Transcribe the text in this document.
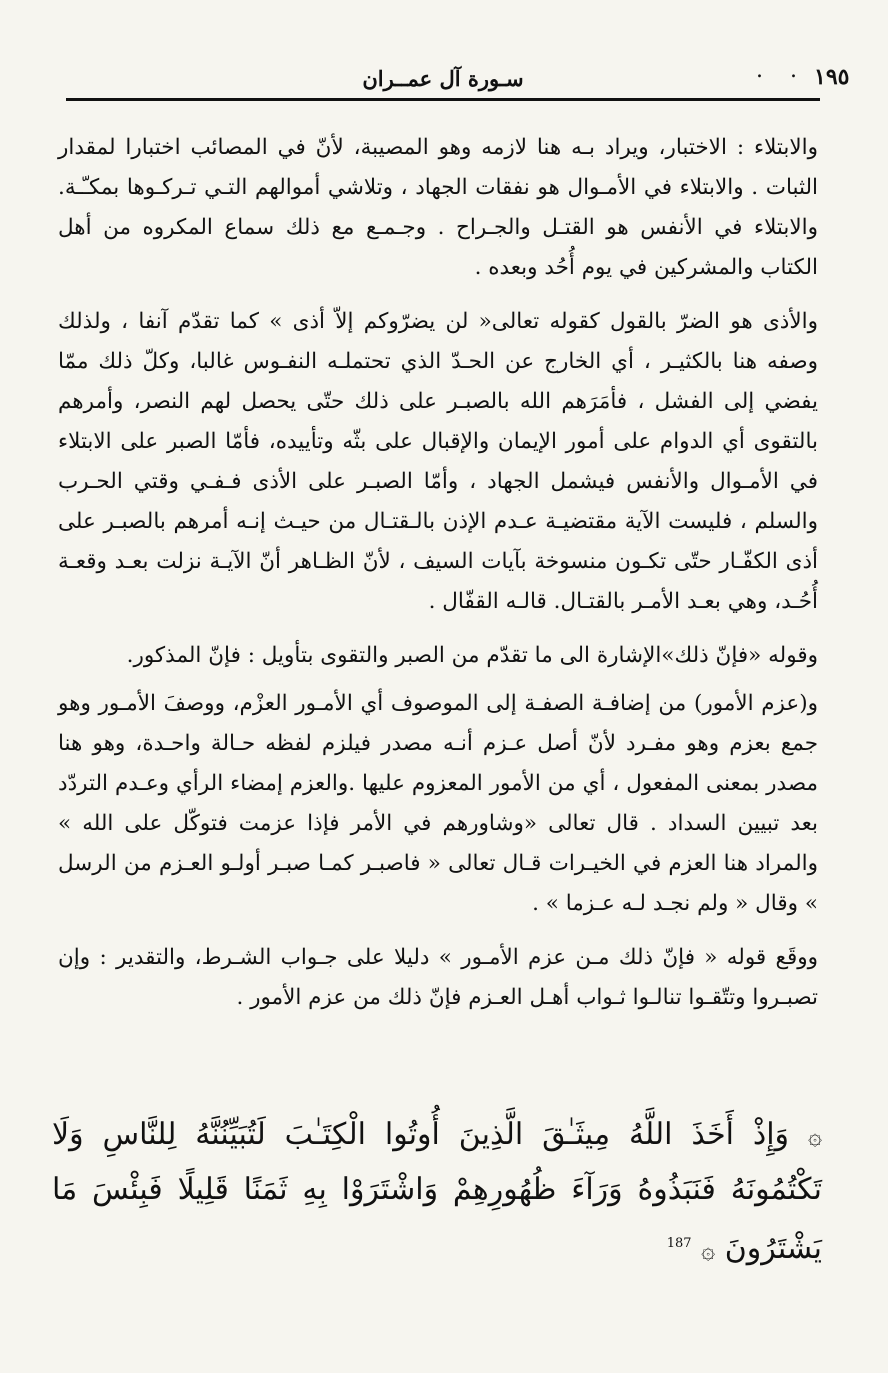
١٩٥
. .
سـورة آل عمــران

والابتلاء : الاختبار، ويراد بـه هنا لازمه وهو المصيبة، لأنّ في المصائب اختبارا لمقدار الثبات . والابتلاء في الأمـوال هو نفقات الجهاد ، وتلاشي أموالهم التـي تـركـوها بمكـّـة. والابتلاء في الأنفس هو القتـل والجـراح . وجـمـع مع ذلك سماع المكروه من أهل الكتاب والمشركين في يوم أُحُد وبعده .

والأذى هو الضرّ بالقول كقوله تعالى« لن يضرّوكم إلاّ أذى » كما تقدّم آنفا ، ولذلك وصفه هنا بالكثيـر ، أي الخارج عن الحـدّ الذي تحتملـه النفـوس غالبا، وكلّ ذلك ممّا يفضي إلى الفشل ، فأمَرَهم الله بالصبـر على ذلك حتّى يحصل لهم النصر، وأمرهم بالتقوى أي الدوام على أمور الإيمان والإقبال على بثّه وتأييده، فأمّا الصبر على الابتلاء في الأمـوال والأنفس فيشمل الجهاد ، وأمّا الصبـر على الأذى فـفـي وقتي الحـرب والسلم ، فليست الآية مقتضيـة عـدم الإذن بالـقتـال من حيـث إنـه أمرهم بالصبـر على أذى الكفّـار حتّى تكـون منسوخة بآيات السيف ، لأنّ الظـاهر أنّ الآيـة نزلت بعـد وقعـة أُحُـد، وهي بعـد الأمـر بالقتـال. قالـه القفّال .

وقوله «فإنّ ذلك»الإشارة الى ما تقدّم من الصبر والتقوى بتأويل : فإنّ المذكور.

و(عزم الأمور) من إضافـة الصفـة إلى الموصوف أي الأمـور العزْم، ووصفَ الأمـور وهو جمع بعزم وهو مفـرد لأنّ أصل عـزم أنـه مصدر فيلزم لفظه حـالة واحـدة، وهو هنا مصدر بمعنى المفعول ، أي من الأمور المعزوم عليها .والعزم إمضاء الرأي وعـدم التردّد بعد تبيين السداد . قال تعالى «وشاورهم في الأمر فإذا عزمت فتوكّل على الله » والمراد هنا العزم في الخيـرات قـال تعالى « فاصبـر كمـا صبـر أولـو العـزم من الرسل » وقال « ولم نجـد لـه عـزما » .

ووقَع قوله « فإنّ ذلك مـن عزم الأمـور » دليلا على جـواب الشـرط، والتقدير : وإن تصبـروا وتتّقـوا تنالـوا ثـواب أهـل العـزم فإنّ ذلك من عزم الأمور .

۞ وَإِذْ أَخَذَ اللَّهُ مِيثَـٰقَ الَّذِينَ أُوتُوا الْكِتَـٰبَ لَتُبَيِّنُنَّهُ لِلنَّاسِ وَلَا تَكْتُمُونَهُ فَنَبَذُوهُ وَرَآءَ ظُهُورِهِمْ وَاشْتَرَوْا بِهِ ثَمَنًا قَلِيلًا فَبِئْسَ مَا يَشْتَرُونَ ۞ $^{187}$
